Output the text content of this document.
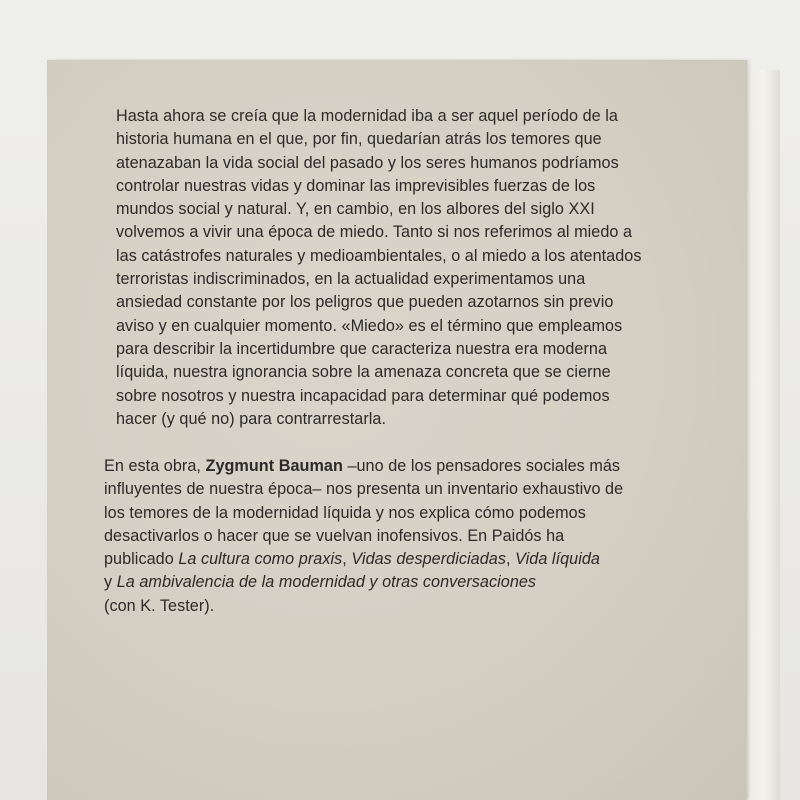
Hasta ahora se creía que la modernidad iba a ser aquel período de la
historia humana en el que, por fin, quedarían atrás los temores que
atenazaban la vida social del pasado y los seres humanos podríamos
controlar nuestras vidas y dominar las imprevisibles fuerzas de los
mundos social y natural. Y, en cambio, en los albores del siglo XXI
volvemos a vivir una época de miedo. Tanto si nos referimos al miedo a
las catástrofes naturales y medioambientales, o al miedo a los atentados
terroristas indiscriminados, en la actualidad experimentamos una
ansiedad constante por los peligros que pueden azotarnos sin previo
aviso y en cualquier momento. «Miedo» es el término que empleamos
para describir la incertidumbre que caracteriza nuestra era moderna
líquida, nuestra ignorancia sobre la amenaza concreta que se cierne
sobre nosotros y nuestra incapacidad para determinar qué podemos
hacer (y qué no) para contrarrestarla.

En esta obra, Zygmunt Bauman –uno de los pensadores sociales más
influyentes de nuestra época– nos presenta un inventario exhaustivo de
los temores de la modernidad líquida y nos explica cómo podemos
desactivarlos o hacer que se vuelvan inofensivos. En Paidós ha
publicado La cultura como praxis, Vidas desperdiciadas, Vida líquida
y La ambivalencia de la modernidad y otras conversaciones
(con K. Tester).
